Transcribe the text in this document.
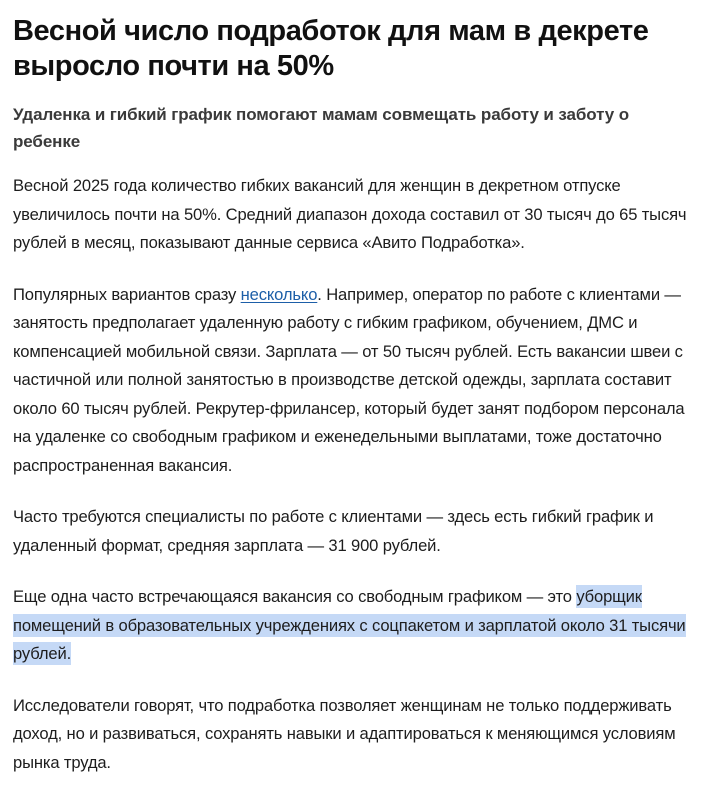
Весной число подработок для мам в декрете выросло почти на 50%
Удаленка и гибкий график помогают мамам совмещать работу и заботу о ребенке

Весной 2025 года количество гибких вакансий для женщин в декретном отпуске увеличилось почти на 50%. Средний диапазон дохода составил от 30 тысяч до 65 тысяч рублей в месяц, показывают данные сервиса «Авито Подработка».

Популярных вариантов сразу несколько. Например, оператор по работе с клиентами — занятость предполагает удаленную работу с гибким графиком, обучением, ДМС и компенсацией мобильной связи. Зарплата — от 50 тысяч рублей. Есть вакансии швеи с частичной или полной занятостью в производстве детской одежды, зарплата составит около 60 тысяч рублей. Рекрутер-фрилансер, который будет занят подбором персонала на удаленке со свободным графиком и еженедельными выплатами, тоже достаточно распространенная вакансия.

Часто требуются специалисты по работе с клиентами — здесь есть гибкий график и удаленный формат, средняя зарплата — 31 900 рублей.

Еще одна часто встречающаяся вакансия со свободным графиком — это уборщик помещений в образовательных учреждениях с соцпакетом и зарплатой около 31 тысячи рублей.

Исследователи говорят, что подработка позволяет женщинам не только поддерживать доход, но и развиваться, сохранять навыки и адаптироваться к меняющимся условиям рынка труда.
